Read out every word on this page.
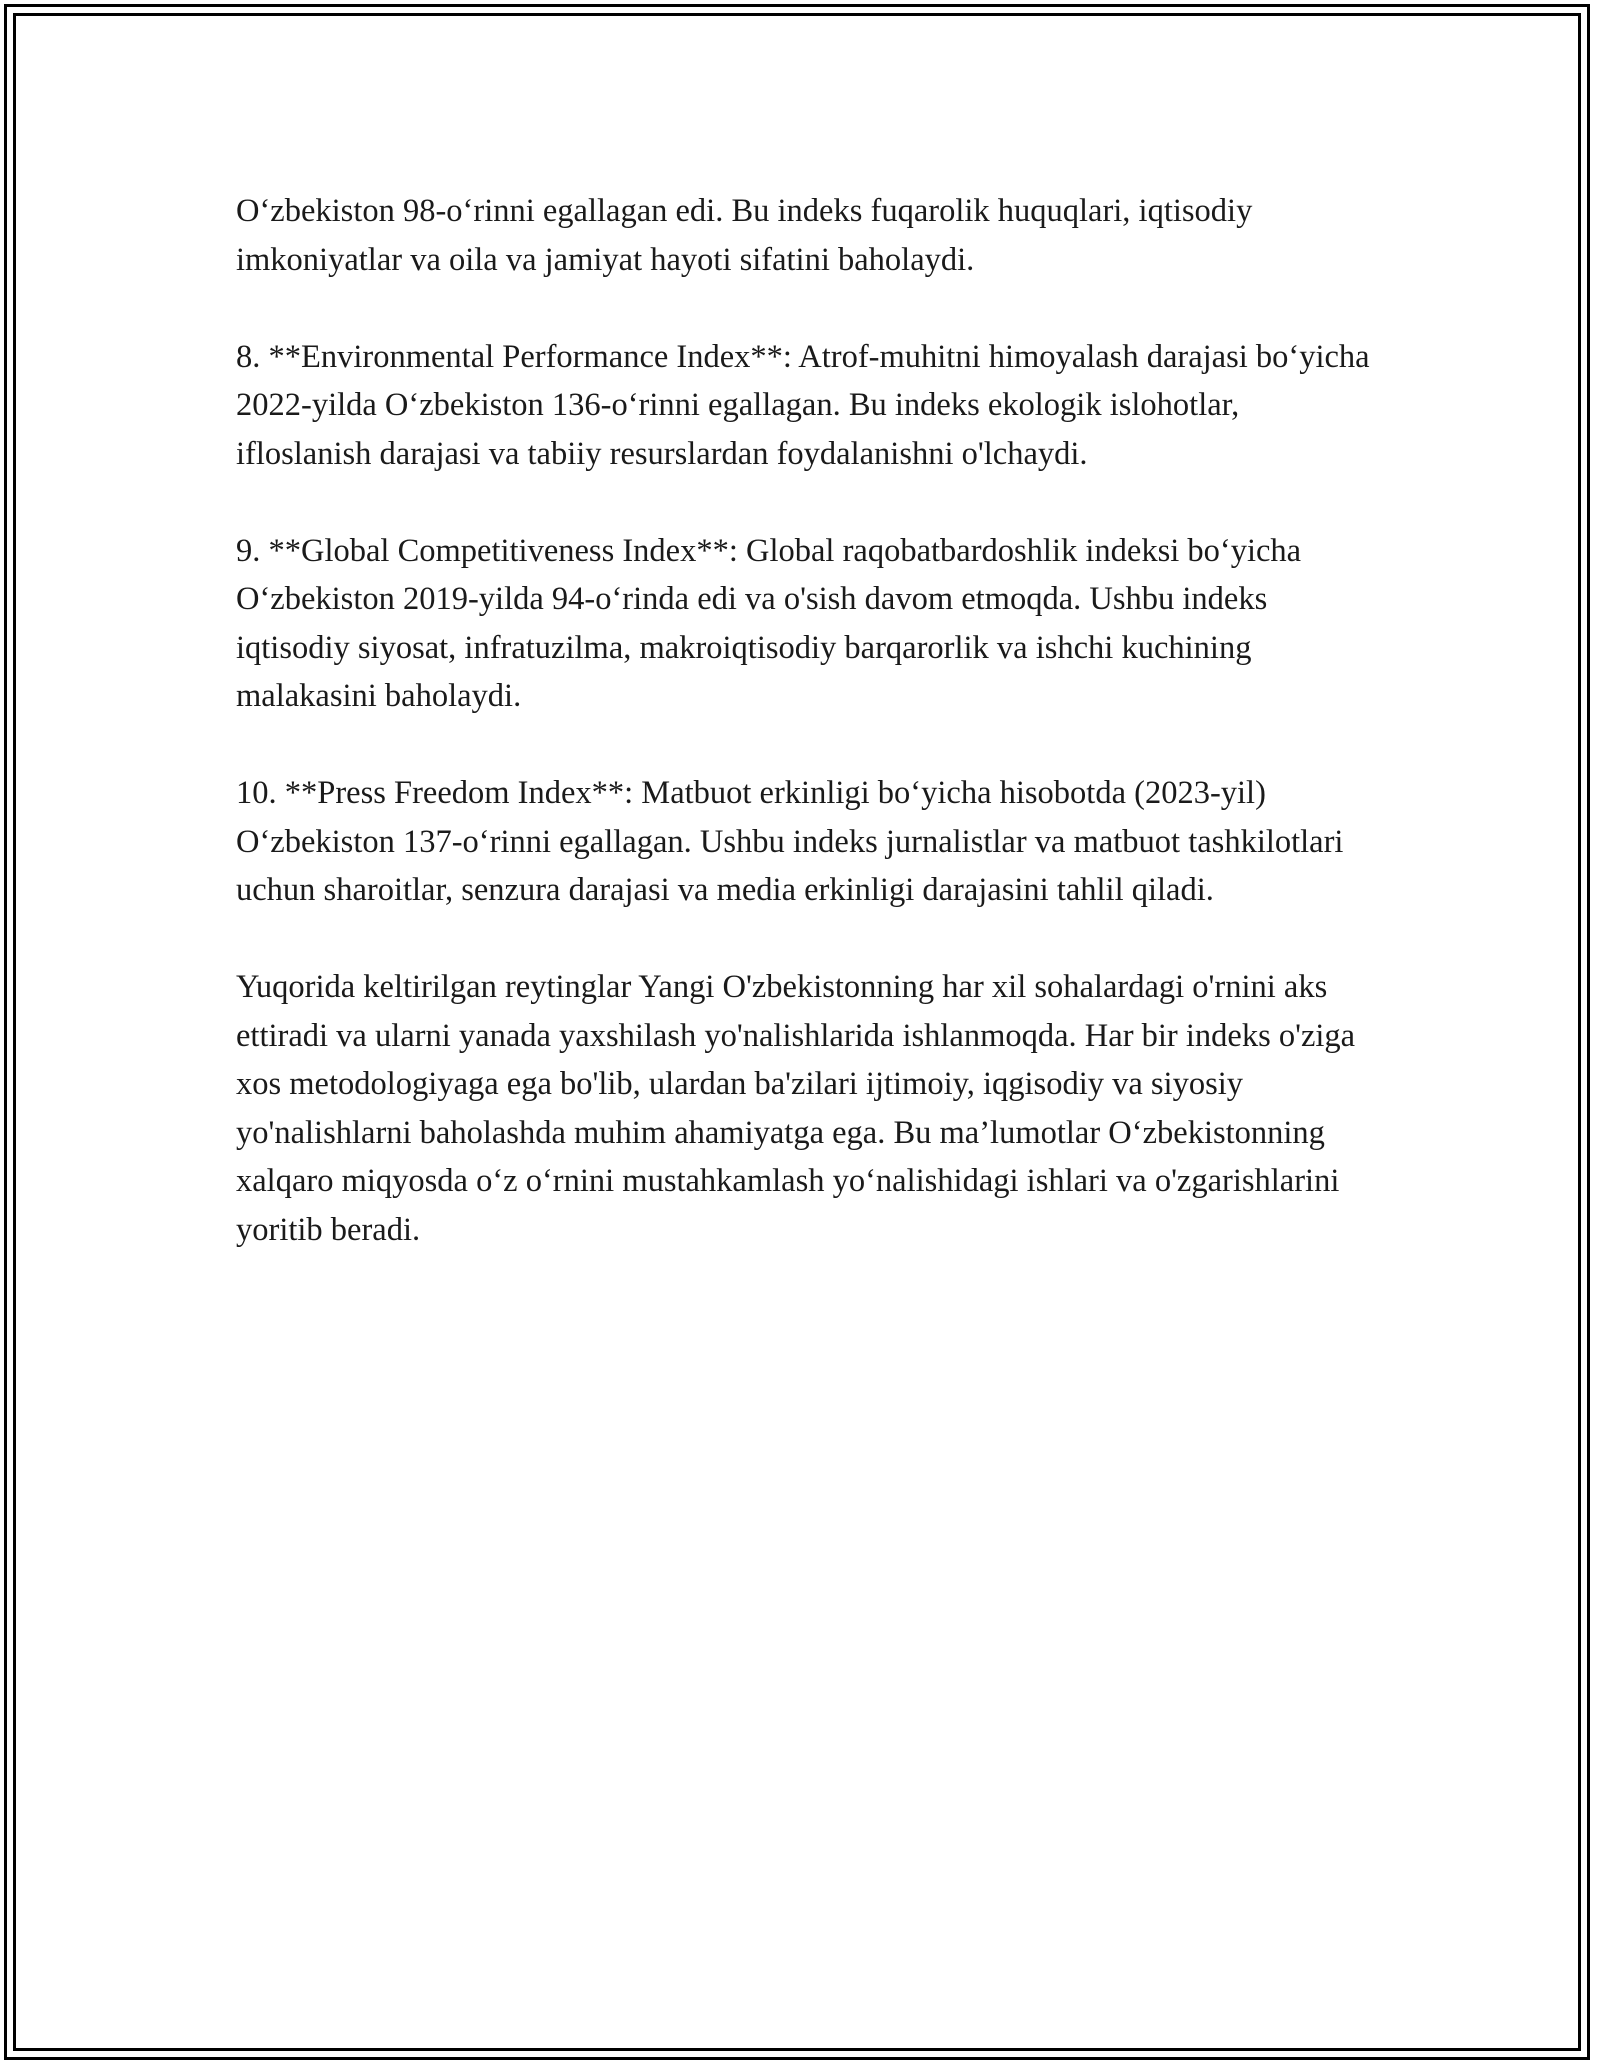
O‘zbekiston 98-o‘rinni egallagan edi. Bu indeks fuqarolik huquqlari, iqtisodiy imkoniyatlar va oila va jamiyat hayoti sifatini baholaydi.

8. **Environmental Performance Index**: Atrof-muhitni himoyalash darajasi bo‘yicha 2022-yilda O‘zbekiston 136-o‘rinni egallagan. Bu indeks ekologik islohotlar, ifloslanish darajasi va tabiiy resurslardan foydalanishni o'lchaydi.

9. **Global Competitiveness Index**: Global raqobatbardoshlik indeksi bo‘yicha O‘zbekiston 2019-yilda 94-o‘rinda edi va o'sish davom etmoqda. Ushbu indeks iqtisodiy siyosat, infratuzilma, makroiqtisodiy barqarorlik va ishchi kuchining malakasini baholaydi.

10. **Press Freedom Index**: Matbuot erkinligi bo‘yicha hisobotda (2023-yil) O‘zbekiston 137-o‘rinni egallagan. Ushbu indeks jurnalistlar va matbuot tashkilotlari uchun sharoitlar, senzura darajasi va media erkinligi darajasini tahlil qiladi.

Yuqorida keltirilgan reytinglar Yangi O'zbekistonning har xil sohalardagi o'rnini aks ettiradi va ularni yanada yaxshilash yo'nalishlarida ishlanmoqda. Har bir indeks o'ziga xos metodologiyaga ega bo'lib, ulardan ba'zilari ijtimoiy, iqgisodiy va siyosiy yo'nalishlarni baholashda muhim ahamiyatga ega. Bu ma’lumotlar O‘zbekistonning xalqaro miqyosda o‘z o‘rnini mustahkamlash yo‘nalishidagi ishlari va o'zgarishlarini yoritib beradi.
